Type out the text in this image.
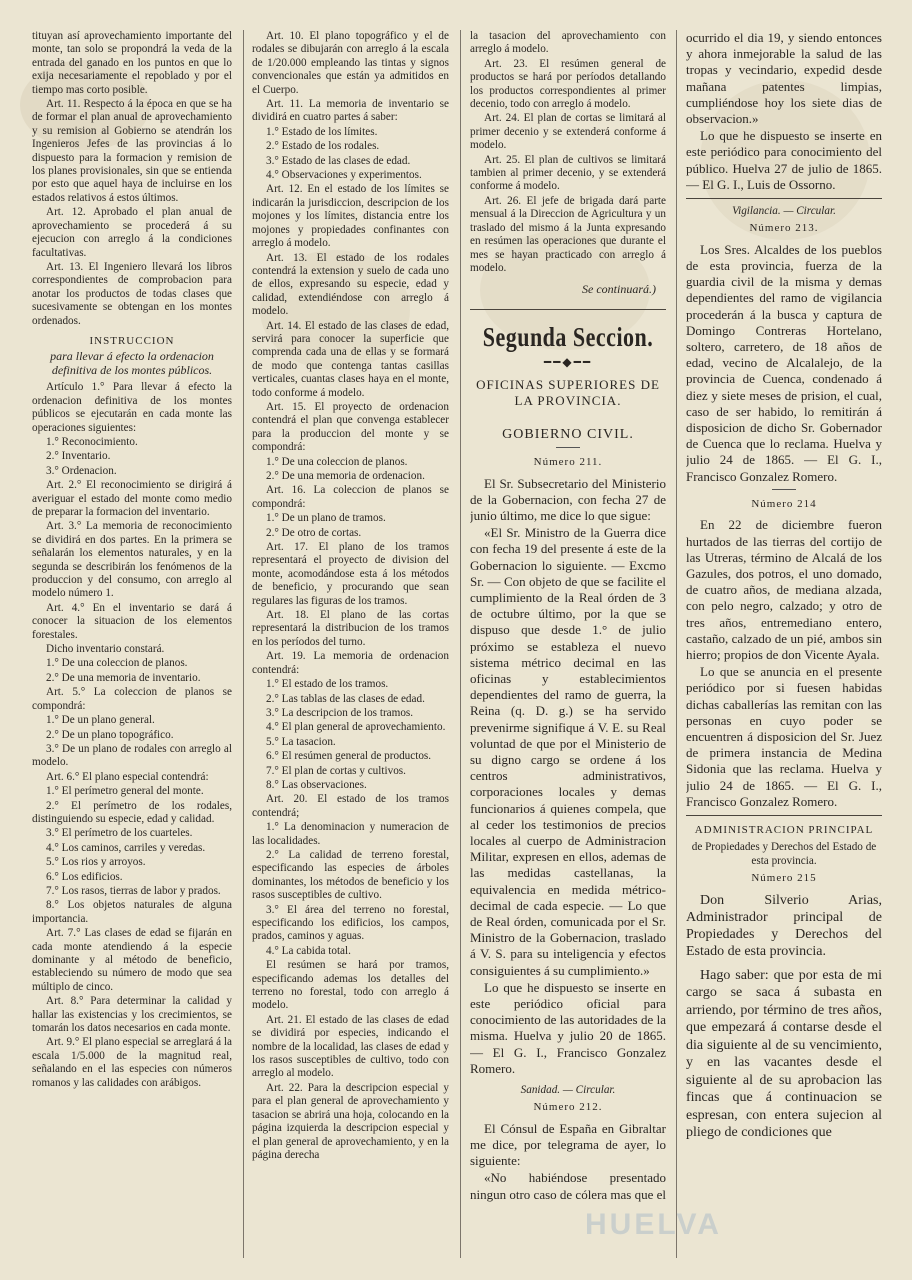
tituyan así aprovechamiento importante del monte, tan solo se propondrá la veda de la entrada del ganado en los puntos en que lo exija necesariamente el repoblado y por el tiempo mas corto posible.

Art. 11. Respecto á la época en que se ha de formar el plan anual de aprovechamiento y su remision al Gobierno se atendrán los Ingenieros Jefes de las provincias á lo dispuesto para la formacion y remision de los planes provisionales, sin que se entienda por esto que aquel haya de incluirse en los estados relativos á estos últimos.

Art. 12. Aprobado el plan anual de aprovechamiento se procederá á su ejecucion con arreglo á la condiciones facultativas.

Art. 13. El Ingeniero llevará los libros correspondientes de comprobacion para anotar los productos de todas clases que sucesivamente se obtengan en los montes ordenados.

INSTRUCCION

para llevar á efecto la ordenacion definitiva de los montes públicos.

Artículo 1.° Para llevar á efecto la ordenacion definitiva de los montes públicos se ejecutarán en cada monte las operaciones siguientes:

1.° Reconocimiento.

2.° Inventario.

3.° Ordenacion.

Art. 2.° El reconocimiento se dirigirá á averiguar el estado del monte como medio de preparar la formacion del inventario.

Art. 3.° La memoria de reconocimiento se dividirá en dos partes. En la primera se señalarán los elementos naturales, y en la segunda se describirán los fenómenos de la produccion y del consumo, con arreglo al modelo número 1.

Art. 4.° En el inventario se dará á conocer la situacion de los elementos forestales.

Dicho inventario constará.

1.° De una coleccion de planos.

2.° De una memoria de inventario.

Art. 5.° La coleccion de planos se compondrá:

1.° De un plano general.

2.° De un plano topográfico.

3.° De un plano de rodales con arreglo al modelo.

Art. 6.° El plano especial contendrá:

1.° El perímetro general del monte.

2.° El perímetro de los rodales, distinguiendo su especie, edad y calidad.

3.° El perímetro de los cuarteles.

4.° Los caminos, carriles y veredas.

5.° Los rios y arroyos.

6.° Los edificios.

7.° Los rasos, tierras de labor y prados.

8.° Los objetos naturales de alguna importancia.

Art. 7.° Las clases de edad se fijarán en cada monte atendiendo á la especie dominante y al método de beneficio, estableciendo su número de modo que sea múltiplo de cinco.

Art. 8.° Para determinar la calidad y hallar las existencias y los crecimientos, se tomarán los datos necesarios en cada monte.

Art. 9.° El plano especial se arreglará á la escala 1/5.000 de la magnitud real, señalando en el las especies con números romanos y las calidades con arábigos.

Art. 10. El plano topográfico y el de rodales se dibujarán con arreglo á la escala de 1/20.000 empleando las tintas y signos convencionales que están ya admitidos en el Cuerpo.

Art. 11. La memoria de inventario se dividirá en cuatro partes á saber:

1.° Estado de los límites.

2.° Estado de los rodales.

3.° Estado de las clases de edad.

4.° Observaciones y experimentos.

Art. 12. En el estado de los límites se indicarán la jurisdiccion, descripcion de los mojones y los límites, distancia entre los mojones y propiedades confinantes con arreglo á modelo.

Art. 13. El estado de los rodales contendrá la extension y suelo de cada uno de ellos, expresando su especie, edad y calidad, extendiéndose con arreglo á modelo.

Art. 14. El estado de las clases de edad, servirá para conocer la superficie que comprenda cada una de ellas y se formará de modo que contenga tantas casillas verticales, cuantas clases haya en el monte, todo conforme á modelo.

Art. 15. El proyecto de ordenacion contendrá el plan que convenga establecer para la produccion del monte y se compondrá:

1.° De una coleccion de planos.

2.° De una memoria de ordenacion.

Art. 16. La coleccion de planos se compondrá:

1.° De un plano de tramos.

2.° De otro de cortas.

Art. 17. El plano de los tramos representará el proyecto de division del monte, acomodándose esta á los métodos de beneficio, y procurando que sean regulares las figuras de los tramos.

Art. 18. El plano de las cortas representará la distribucion de los tramos en los períodos del turno.

Art. 19. La memoria de ordenacion contendrá:

1.° El estado de los tramos.

2.° Las tablas de las clases de edad.

3.° La descripcion de los tramos.

4.° El plan general de aprovechamiento.

5.° La tasacion.

6.° El resúmen general de productos.

7.° El plan de cortas y cultivos.

8.° Las observaciones.

Art. 20. El estado de los tramos contendrá;

1.° La denominacion y numeracion de las localidades.

2.° La calidad de terreno forestal, especificando las especies de árboles dominantes, los métodos de beneficio y los rasos susceptibles de cultivo.

3.° El área del terreno no forestal, especificando los edificios, los campos, prados, caminos y aguas.

4.° La cabida total.

El resúmen se hará por tramos, especificando ademas los detalles del terreno no forestal, todo con arreglo á modelo.

Art. 21. El estado de las clases de edad se dividirá por especies, indicando el nombre de la localidad, las clases de edad y los rasos susceptibles de cultivo, todo con arreglo al modelo.

Art. 22. Para la descripcion especial y para el plan general de aprovechamiento y tasacion se abrirá una hoja, colocando en la página izquierda la descripcion especial y el plan general de aprovechamiento, y en la página derecha

la tasacion del aprovechamiento con arreglo á modelo.

Art. 23. El resúmen general de productos se hará por períodos detallando los productos correspondientes al primer decenio, todo con arreglo á modelo.

Art. 24. El plan de cortas se limitará al primer decenio y se extenderá conforme á modelo.

Art. 25. El plan de cultivos se limitará tambien al primer decenio, y se extenderá conforme á modelo.

Art. 26. El jefe de brigada dará parte mensual á la Direccion de Agricultura y un traslado del mismo á la Junta expresando en resúmen las operaciones que durante el mes se hayan practicado con arreglo á modelo.

Se continuará.)

Segunda Seccion.
━━◆━━

OFICINAS SUPERIORES DE LA PROVINCIA.

GOBIERNO CIVIL.

Número 211.

El Sr. Subsecretario del Ministerio de la Gobernacion, con fecha 27 de junio último, me dice lo que sigue:

«El Sr. Ministro de la Guerra dice con fecha 19 del presente á este de la Gobernacion lo siguiente. — Excmo Sr. — Con objeto de que se facilite el cumplimiento de la Real órden de 3 de octubre último, por la que se dispuso que desde 1.° de julio próximo se estableza el nuevo sistema métrico decimal en las oficinas y establecimientos dependientes del ramo de guerra, la Reina (q. D. g.) se ha servido prevenirme signifique á V. E. su Real voluntad de que por el Ministerio de su digno cargo se ordene á los centros administrativos, corporaciones locales y demas funcionarios á quienes compela, que al ceder los testimonios de precios locales al cuerpo de Administracion Militar, expresen en ellos, ademas de las medidas castellanas, la equivalencia en medida métrico-decimal de cada especie. — Lo que de Real órden, comunicada por el Sr. Ministro de la Gobernacion, traslado á V. S. para su inteligencia y efectos consiguientes á su cumplimiento.»

Lo que he dispuesto se inserte en este periódico oficial para conocimiento de las autoridades de la misma. Huelva y julio 20 de 1865. — El G. I., Francisco Gonzalez Romero.

Sanidad. — Circular.

Número 212.

El Cónsul de España en Gibraltar me dice, por telegrama de ayer, lo siguiente:

«No habiéndose presentado ningun otro caso de cólera mas que el

ocurrido el dia 19, y siendo entonces y ahora inmejorable la salud de las tropas y vecindario, expedid desde mañana patentes limpias, cumpliéndose hoy los siete dias de observacion.»

Lo que he dispuesto se inserte en este periódico para conocimiento del público. Huelva 27 de julio de 1865. — El G. I., Luis de Ossorno.

Vigilancia. — Circular.

Número 213.

Los Sres. Alcaldes de los pueblos de esta provincia, fuerza de la guardia civil de la misma y demas dependientes del ramo de vigilancia procederán á la busca y captura de Domingo Contreras Hortelano, soltero, carretero, de 18 años de edad, vecino de Alcalalejo, de la provincia de Cuenca, condenado á diez y siete meses de prision, el cual, caso de ser habido, lo remitirán á disposicion de dicho Sr. Gobernador de Cuenca que lo reclama. Huelva y julio 24 de 1865. — El G. I., Francisco Gonzalez Romero.

Número 214

En 22 de diciembre fueron hurtados de las tierras del cortijo de las Utreras, término de Alcalá de los Gazules, dos potros, el uno domado, de cuatro años, de mediana alzada, con pelo negro, calzado; y otro de tres años, entremediano entero, castaño, calzado de un pié, ambos sin hierro; propios de don Vicente Ayala.

Lo que se anuncia en el presente periódico por si fuesen habidas dichas caballerías las remitan con las personas en cuyo poder se encuentren á disposicion del Sr. Juez de primera instancia de Medina Sidonia que las reclama. Huelva y julio 24 de 1865. — El G. I., Francisco Gonzalez Romero.

ADMINISTRACION PRINCIPAL

de Propiedades y Derechos del Estado de esta provincia.

Número 215

Don Silverio Arias, Administrador principal de Propiedades y Derechos del Estado de esta provincia.

Hago saber: que por esta de mi cargo se saca á subasta en arriendo, por término de tres años, que empezará á contarse desde el dia siguiente al de su vencimiento, y en las vacantes desde el siguiente al de su aprobacion las fincas que á continuacion se espresan, con entera sujecion al pliego de condiciones que

HUELVA
